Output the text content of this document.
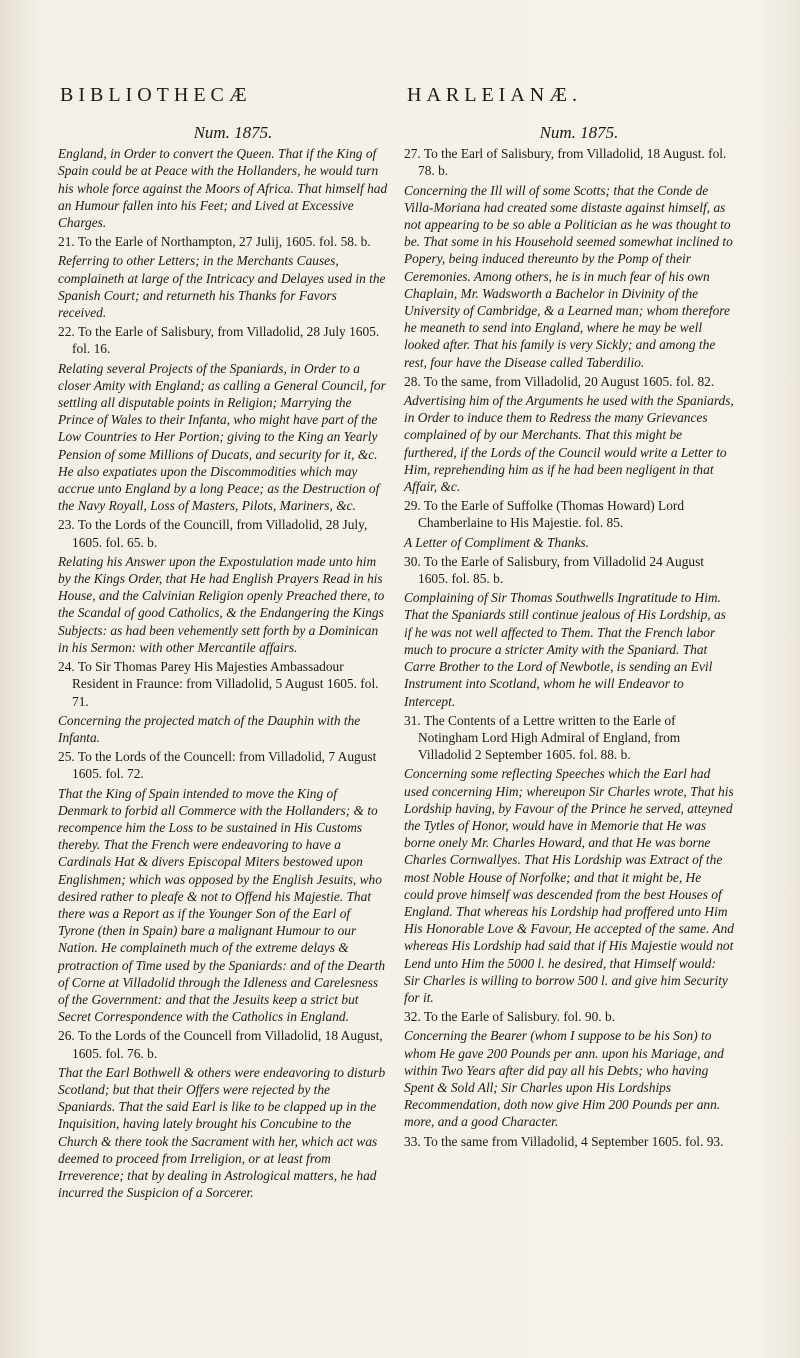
BIBLIOTHECÆ	HARLEIANÆ.
Num. 1875.

England, in Order to convert the Queen. That if the King of Spain could be at Peace with the Hollanders, he would turn his whole force against the Moors of Africa. That himself had an Humour fallen into his Feet; and Lived at Excessive Charges.

21. To the Earle of Northampton, 27 Julij, 1605. fol. 58. b.

Referring to other Letters; in the Merchants Causes, complaineth at large of the Intricacy and Delayes used in the Spanish Court; and returneth his Thanks for Favors received.

22. To the Earle of Salisbury, from Villadolid, 28 July 1605. fol. 16.

Relating several Projects of the Spaniards, in Order to a closer Amity with England; as calling a General Council, for settling all disputable points in Religion; Marrying the Prince of Wales to their Infanta, who might have part of the Low Countries to Her Portion; giving to the King an Yearly Pension of some Millions of Ducats, and security for it, &c. He also expatiates upon the Discommodities which may accrue unto England by a long Peace; as the Destruction of the Navy Royall, Loss of Masters, Pilots, Mariners, &c.

23. To the Lords of the Councill, from Villadolid, 28 July, 1605. fol. 65. b.

Relating his Answer upon the Expostulation made unto him by the Kings Order, that He had English Prayers Read in his House, and the Calvinian Religion openly Preached there, to the Scandal of good Catholics, & the Endangering the Kings Subjects: as had been vehemently sett forth by a Dominican in his Sermon: with other Mercantile affairs.

24. To Sir Thomas Parey His Majesties Ambassadour Resident in Fraunce: from Villadolid, 5 August 1605. fol. 71.

Concerning the projected match of the Dauphin with the Infanta.

25. To the Lords of the Councell: from Villadolid, 7 August 1605. fol. 72.

That the King of Spain intended to move the King of Denmark to forbid all Commerce with the Hollanders; & to recompence him the Loss to be sustained in His Customs thereby. That the French were endeavoring to have a Cardinals Hat & divers Episcopal Miters bestowed upon Englishmen; which was opposed by the English Jesuits, who desired rather to pleafe & not to Offend his Majestie. That there was a Report as if the Younger Son of the Earl of Tyrone (then in Spain) bare a malignant Humour to our Nation. He complaineth much of the extreme delays & protraction of Time used by the Spaniards: and of the Dearth of Corne at Villadolid through the Idleness and Carelesness of the Government: and that the Jesuits keep a strict but Secret Correspondence with the Catholics in England.

26. To the Lords of the Councell from Villadolid, 18 August, 1605. fol. 76. b.

That the Earl Bothwell & others were endeavoring to disturb Scotland; but that their Offers were rejected by the Spaniards. That the said Earl is like to be clapped up in the Inquisition, having lately brought his Concubine to the Church & there took the Sacrament with her, which act was deemed to proceed from Irreligion, or at least from Irreverence; that by dealing in Astrological matters, he had incurred the Suspicion of a Sorcerer.

Num. 1875.

27. To the Earl of Salisbury, from Villadolid, 18 August. fol. 78. b.

Concerning the Ill will of some Scotts; that the Conde de Villa-Moriana had created some distaste against himself, as not appearing to be so able a Politician as he was thought to be. That some in his Household seemed somewhat inclined to Popery, being induced thereunto by the Pomp of their Ceremonies. Among others, he is in much fear of his own Chaplain, Mr. Wadsworth a Bachelor in Divinity of the University of Cambridge, & a Learned man; whom therefore he meaneth to send into England, where he may be well looked after. That his family is very Sickly; and among the rest, four have the Disease called Taberdilio.

28. To the same, from Villadolid, 20 August 1605. fol. 82.

Advertising him of the Arguments he used with the Spaniards, in Order to induce them to Redress the many Grievances complained of by our Merchants. That this might be furthered, if the Lords of the Council would write a Letter to Him, reprehending him as if he had been negligent in that Affair, &c.

29. To the Earle of Suffolke (Thomas Howard) Lord Chamberlaine to His Majestie. fol. 85.

A Letter of Compliment & Thanks.

30. To the Earle of Salisbury, from Villadolid 24 August 1605. fol. 85. b.

Complaining of Sir Thomas Southwells Ingratitude to Him. That the Spaniards still continue jealous of His Lordship, as if he was not well affected to Them. That the French labor much to procure a stricter Amity with the Spaniard. That Carre Brother to the Lord of Newbotle, is sending an Evil Instrument into Scotland, whom he will Endeavor to Intercept.

31. The Contents of a Lettre written to the Earle of Notingham Lord High Admiral of England, from Villadolid 2 September 1605. fol. 88. b.

Concerning some reflecting Speeches which the Earl had used concerning Him; whereupon Sir Charles wrote, That his Lordship having, by Favour of the Prince he served, atteyned the Tytles of Honor, would have in Memorie that He was borne onely Mr. Charles Howard, and that He was borne Charles Cornwallyes. That His Lordship was Extract of the most Noble House of Norfolke; and that it might be, He could prove himself was descended from the best Houses of England. That whereas his Lordship had proffered unto Him His Honorable Love & Favour, He accepted of the same. And whereas His Lordship had said that if His Majestie would not Lend unto Him the 5000 l. he desired, that Himself would: Sir Charles is willing to borrow 500 l. and give him Security for it.

32. To the Earle of Salisbury. fol. 90. b.

Concerning the Bearer (whom I suppose to be his Son) to whom He gave 200 Pounds per ann. upon his Mariage, and within Two Years after did pay all his Debts; who having Spent & Sold All; Sir Charles upon His Lordships Recommendation, doth now give Him 200 Pounds per ann. more, and a good Character.

33. To the same from Villadolid, 4 September 1605. fol. 93.
